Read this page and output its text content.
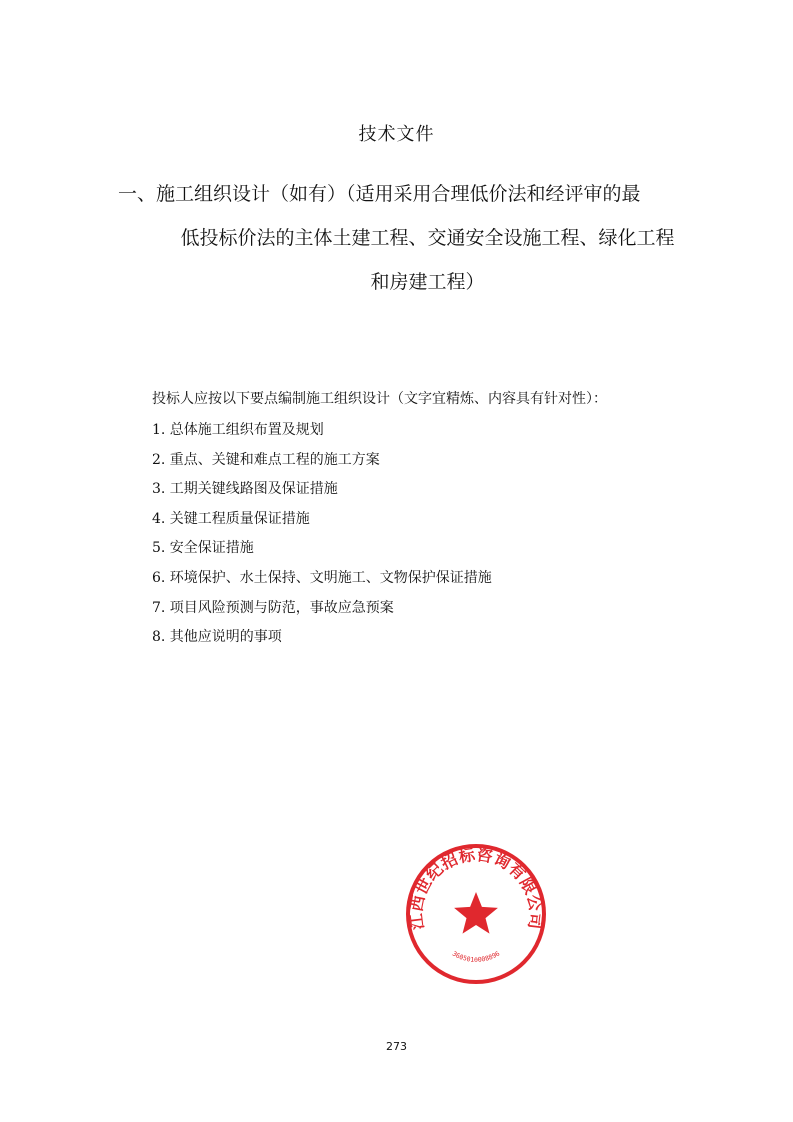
技术文件
一、施工组织设计（如有）（适用采用合理低价法和经评审的最
低投标价法的主体土建工程、交通安全设施工程、绿化工程
和房建工程）
投标人应按以下要点编制施工组织设计（文字宜精炼、内容具有针对性）：
1. 总体施工组织布置及规划
2. 重点、关键和难点工程的施工方案
3. 工期关键线路图及保证措施
4. 关键工程质量保证措施
5. 安全保证措施
6. 环境保护、水土保持、文明施工、文物保护保证措施
7. 项目风险预测与防范，事故应急预案
8. 其他应说明的事项
江西世纪招标咨询有限公司
3605010008896
273
